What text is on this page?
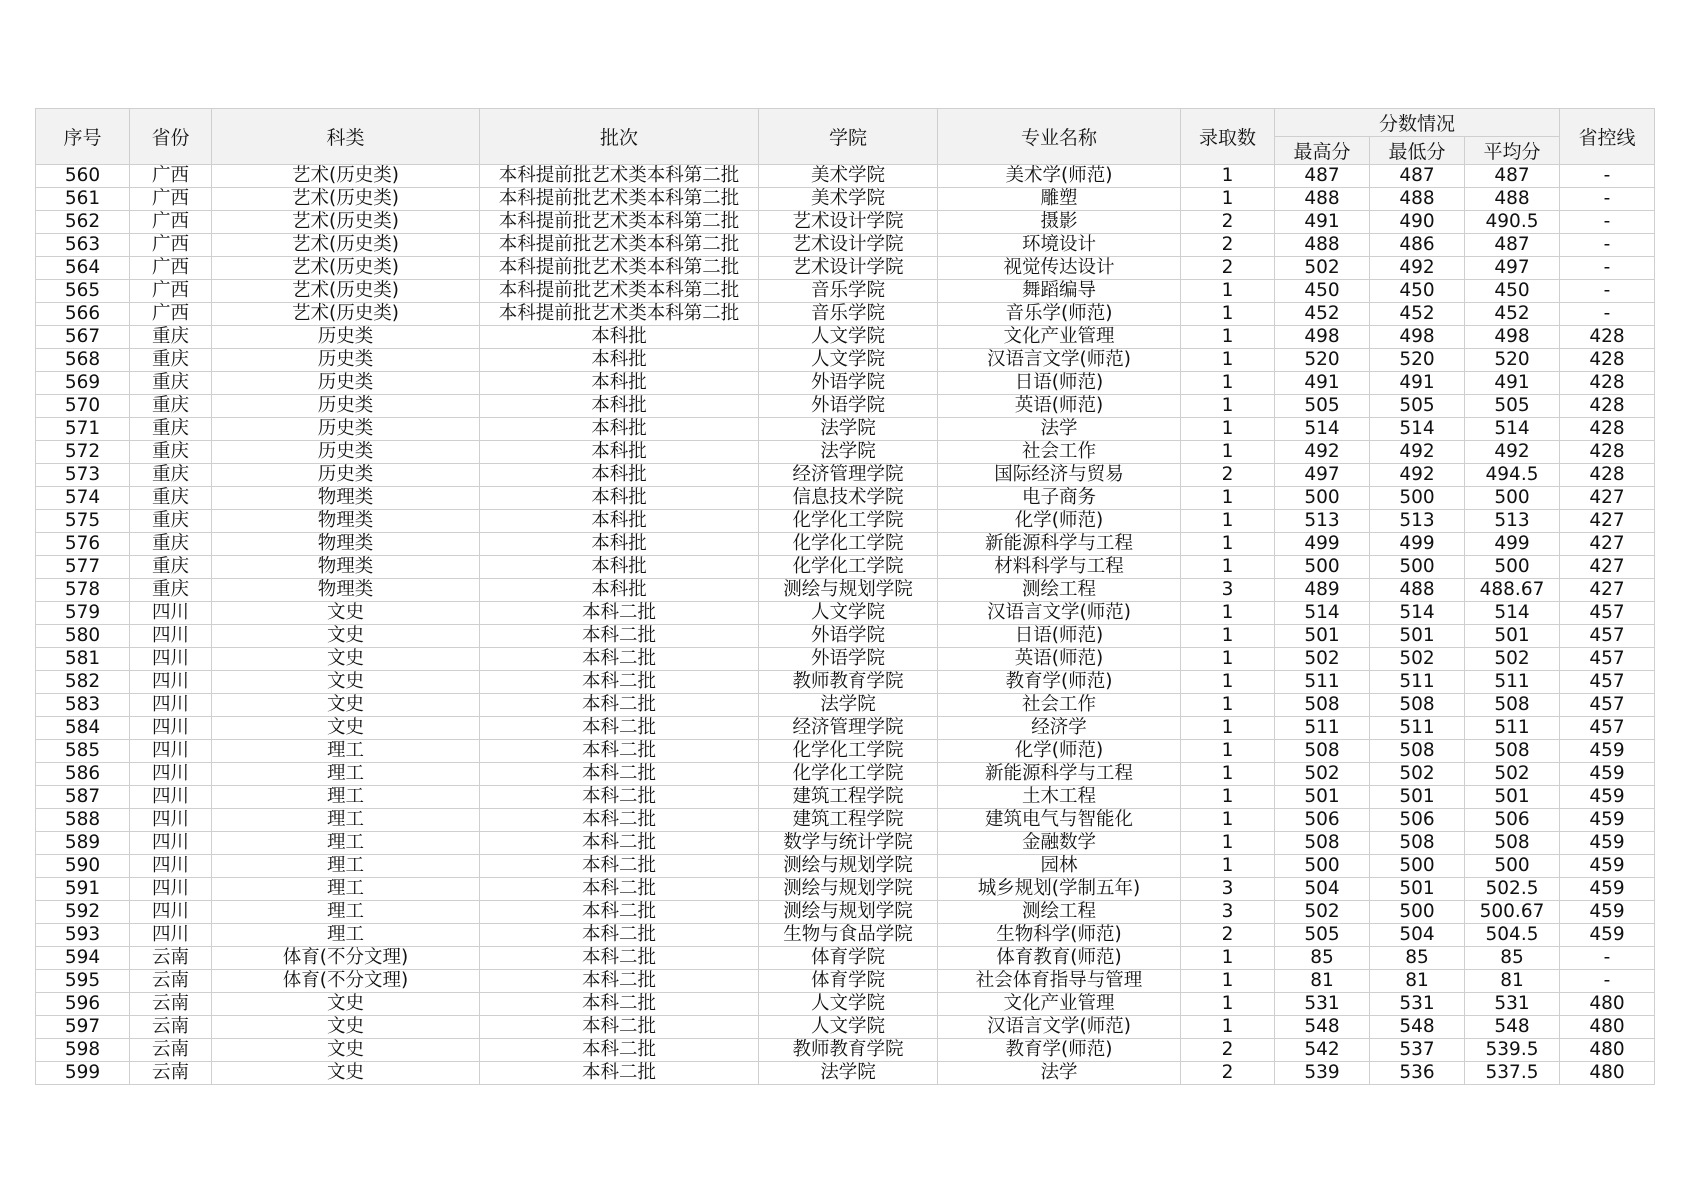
序号	省份	科类	批次	学院	专业名称	录取数	分数情况			省控线
							最高分	最低分	平均分	
560	广西	艺术(历史类)	本科提前批艺术类本科第二批	美术学院	美术学(师范)	1	487	487	487	-
561	广西	艺术(历史类)	本科提前批艺术类本科第二批	美术学院	雕塑	1	488	488	488	-
562	广西	艺术(历史类)	本科提前批艺术类本科第二批	艺术设计学院	摄影	2	491	490	490.5	-
563	广西	艺术(历史类)	本科提前批艺术类本科第二批	艺术设计学院	环境设计	2	488	486	487	-
564	广西	艺术(历史类)	本科提前批艺术类本科第二批	艺术设计学院	视觉传达设计	2	502	492	497	-
565	广西	艺术(历史类)	本科提前批艺术类本科第二批	音乐学院	舞蹈编导	1	450	450	450	-
566	广西	艺术(历史类)	本科提前批艺术类本科第二批	音乐学院	音乐学(师范)	1	452	452	452	-
567	重庆	历史类	本科批	人文学院	文化产业管理	1	498	498	498	428
568	重庆	历史类	本科批	人文学院	汉语言文学(师范)	1	520	520	520	428
569	重庆	历史类	本科批	外语学院	日语(师范)	1	491	491	491	428
570	重庆	历史类	本科批	外语学院	英语(师范)	1	505	505	505	428
571	重庆	历史类	本科批	法学院	法学	1	514	514	514	428
572	重庆	历史类	本科批	法学院	社会工作	1	492	492	492	428
573	重庆	历史类	本科批	经济管理学院	国际经济与贸易	2	497	492	494.5	428
574	重庆	物理类	本科批	信息技术学院	电子商务	1	500	500	500	427
575	重庆	物理类	本科批	化学化工学院	化学(师范)	1	513	513	513	427
576	重庆	物理类	本科批	化学化工学院	新能源科学与工程	1	499	499	499	427
577	重庆	物理类	本科批	化学化工学院	材料科学与工程	1	500	500	500	427
578	重庆	物理类	本科批	测绘与规划学院	测绘工程	3	489	488	488.67	427
579	四川	文史	本科二批	人文学院	汉语言文学(师范)	1	514	514	514	457
580	四川	文史	本科二批	外语学院	日语(师范)	1	501	501	501	457
581	四川	文史	本科二批	外语学院	英语(师范)	1	502	502	502	457
582	四川	文史	本科二批	教师教育学院	教育学(师范)	1	511	511	511	457
583	四川	文史	本科二批	法学院	社会工作	1	508	508	508	457
584	四川	文史	本科二批	经济管理学院	经济学	1	511	511	511	457
585	四川	理工	本科二批	化学化工学院	化学(师范)	1	508	508	508	459
586	四川	理工	本科二批	化学化工学院	新能源科学与工程	1	502	502	502	459
587	四川	理工	本科二批	建筑工程学院	土木工程	1	501	501	501	459
588	四川	理工	本科二批	建筑工程学院	建筑电气与智能化	1	506	506	506	459
589	四川	理工	本科二批	数学与统计学院	金融数学	1	508	508	508	459
590	四川	理工	本科二批	测绘与规划学院	园林	1	500	500	500	459
591	四川	理工	本科二批	测绘与规划学院	城乡规划(学制五年)	3	504	501	502.5	459
592	四川	理工	本科二批	测绘与规划学院	测绘工程	3	502	500	500.67	459
593	四川	理工	本科二批	生物与食品学院	生物科学(师范)	2	505	504	504.5	459
594	云南	体育(不分文理)	本科二批	体育学院	体育教育(师范)	1	85	85	85	-
595	云南	体育(不分文理)	本科二批	体育学院	社会体育指导与管理	1	81	81	81	-
596	云南	文史	本科二批	人文学院	文化产业管理	1	531	531	531	480
597	云南	文史	本科二批	人文学院	汉语言文学(师范)	1	548	548	548	480
598	云南	文史	本科二批	教师教育学院	教育学(师范)	2	542	537	539.5	480
599	云南	文史	本科二批	法学院	法学	2	539	536	537.5	480
